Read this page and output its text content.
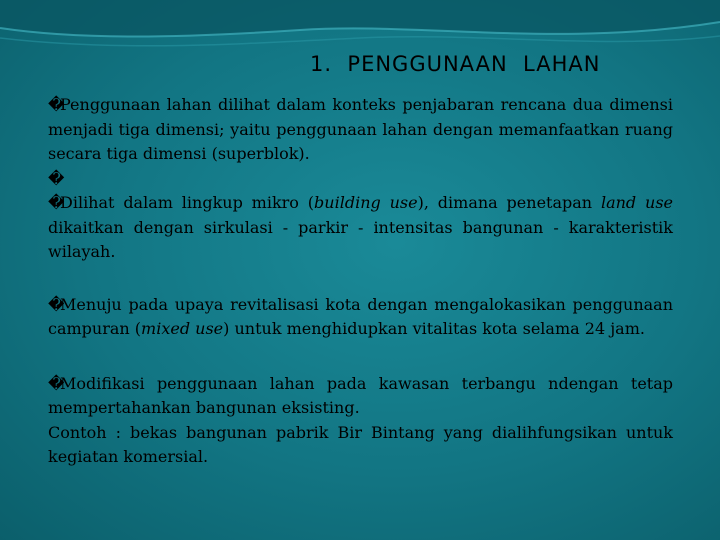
1. PENGGUNAAN  LAHAN

�Penggunaan lahan dilihat dalam konteks penjabaran rencana dua dimensi menjadi tiga dimensi; yaitu penggunaan lahan dengan memanfaatkan ruang secara tiga dimensi (superblok).

�

�Dilihat dalam lingkup mikro (building use), dimana penetapan land use dikaitkan dengan sirkulasi - parkir - intensitas bangunan - karakteristik wilayah.

�Menuju pada upaya revitalisasi kota dengan mengalokasikan penggunaan campuran (mixed use) untuk menghidupkan vitalitas kota selama 24 jam.

�Modifikasi penggunaan lahan pada kawasan terbangu ndengan tetap mempertahankan bangunan eksisting.

Contoh : bekas bangunan pabrik Bir Bintang yang dialihfungsikan untuk kegiatan komersial.
